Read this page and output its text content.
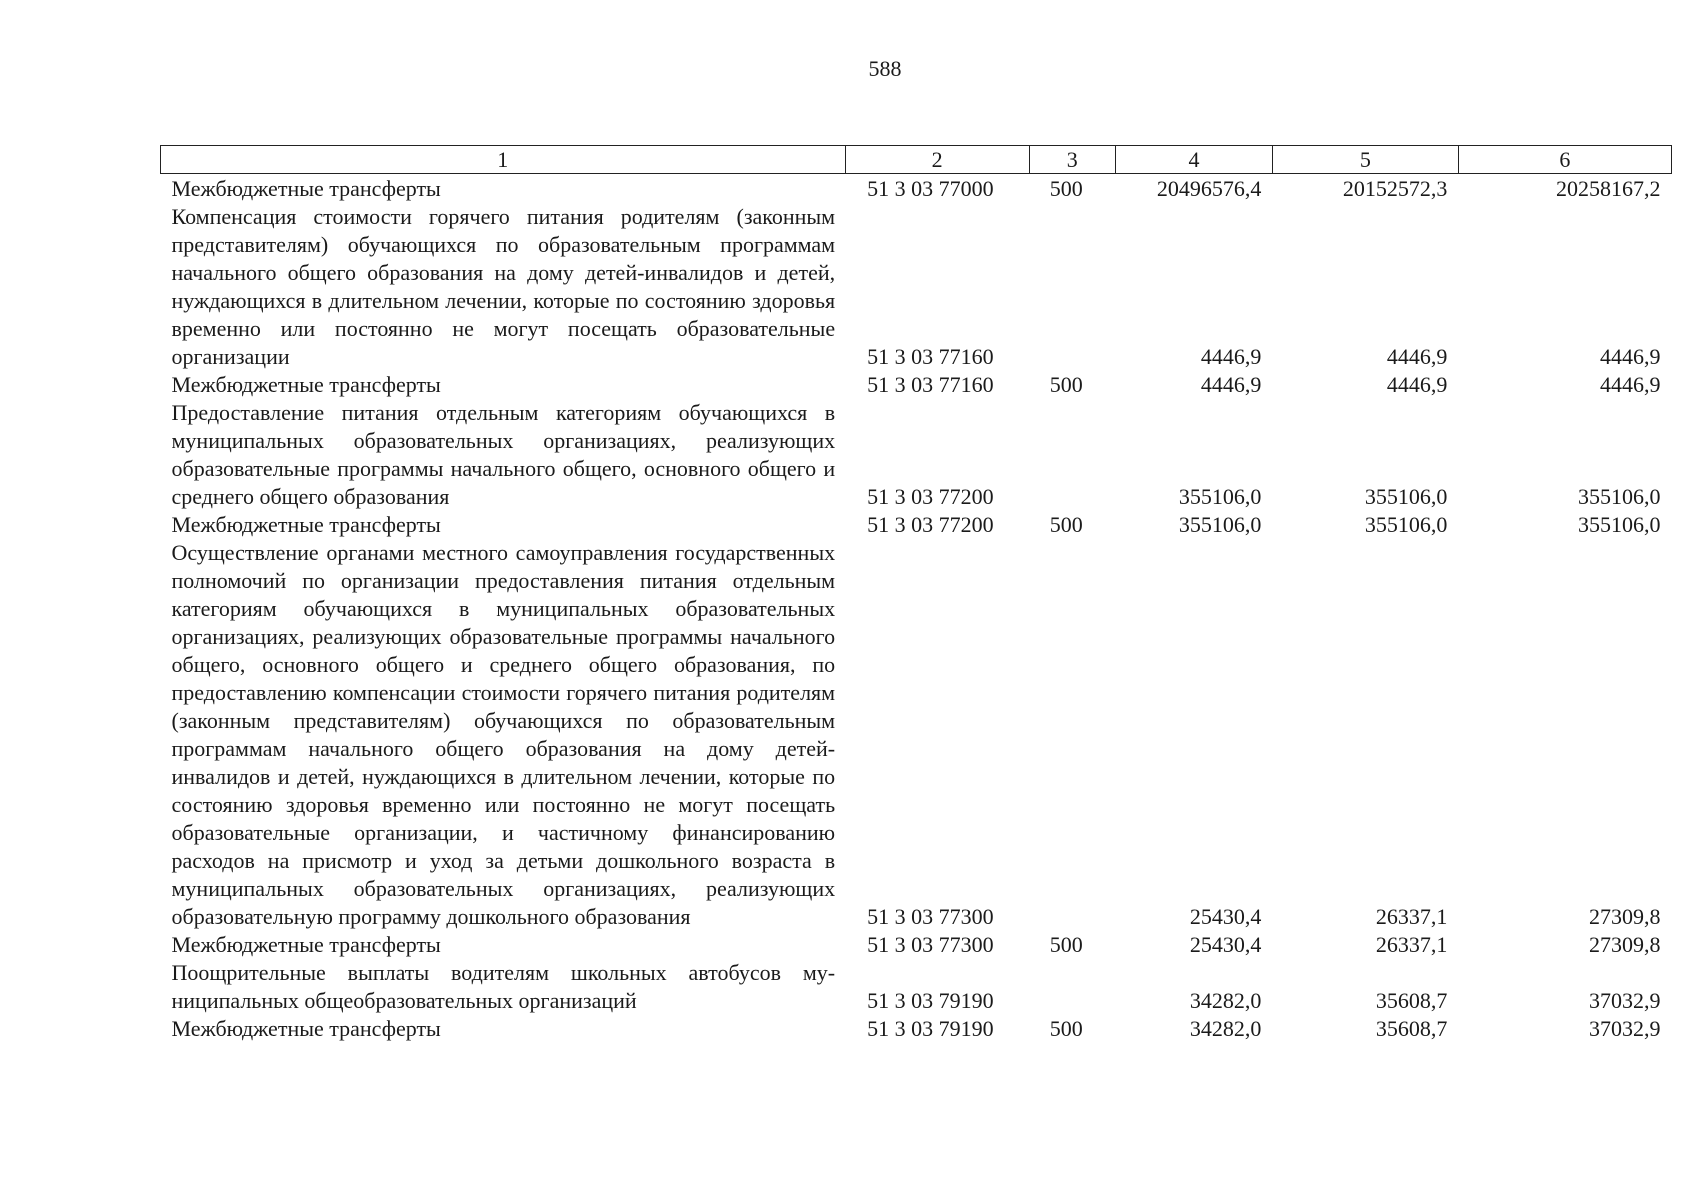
588
1	2	3	4	5	6
Межбюджетные трансферты	51 3 03 77000	500	20496576,4	20152572,3	20258167,2
Компенсация стоимости горячего питания родителям (законным представителям) обучающихся по образовательным программам начального общего образования на дому детей-инвалидов и детей, нуждающихся в длительном лечении, которые по состоянию здоровья временно или постоянно не могут посещать образовательные организации	51 3 03 77160		4446,9	4446,9	4446,9
Межбюджетные трансферты	51 3 03 77160	500	4446,9	4446,9	4446,9
Предоставление питания отдельным категориям обучающихся в муниципальных образовательных организациях, реализующих образовательные программы начального общего, основного общего и среднего общего образования	51 3 03 77200		355106,0	355106,0	355106,0
Межбюджетные трансферты	51 3 03 77200	500	355106,0	355106,0	355106,0
Осуществление органами местного самоуправления государственных полномочий по организации предоставления питания отдельным категориям обучающихся в муниципальных образовательных организациях, реализующих образовательные программы начального общего, основного общего и среднего общего образования, по предоставлению компенсации стоимости горячего питания родителям (законным представителям) обучающихся по образовательным программам начального общего образования на дому детей-инвалидов и детей, нуждающихся в длительном лечении, которые по состоянию здоровья временно или постоянно не могут посещать образовательные организации, и частичному финансированию расходов на присмотр и уход за детьми дошкольного возраста в муниципальных образовательных организациях, реализующих образовательную программу дошкольного образования	51 3 03 77300		25430,4	26337,1	27309,8
Межбюджетные трансферты	51 3 03 77300	500	25430,4	26337,1	27309,8
Поощрительные выплаты водителям школьных автобусов муниципальных общеобразовательных организаций	51 3 03 79190		34282,0	35608,7	37032,9
Межбюджетные трансферты	51 3 03 79190	500	34282,0	35608,7	37032,9
